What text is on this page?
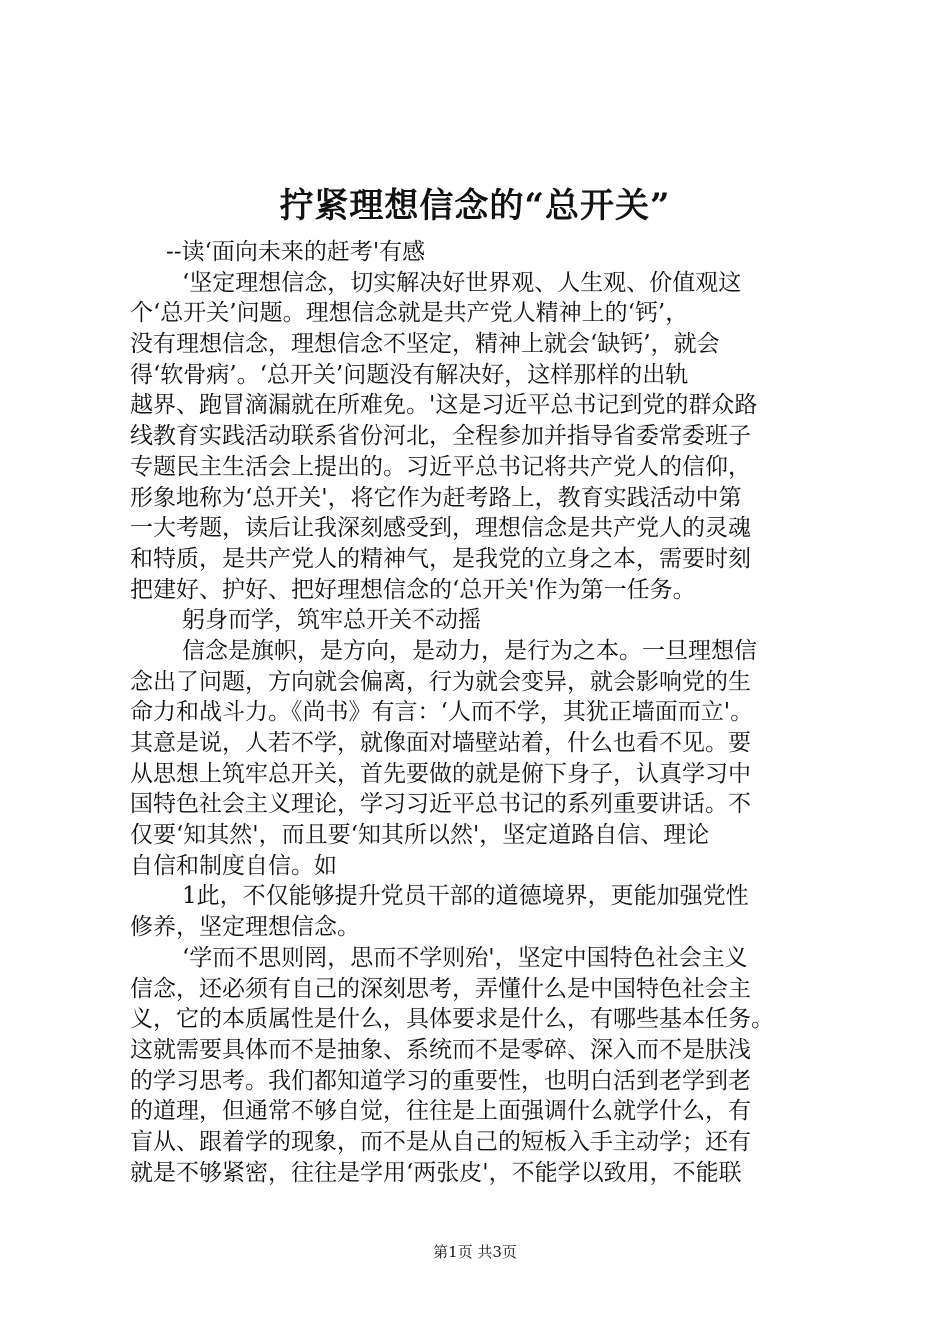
拧紧理想信念的“总开关”
--读‘面向未来的赶考'有感
‘坚定理想信念，切实解决好世界观、人生观、价值观这
个‘总开关’问题。理想信念就是共产党人精神上的‘钙’，
没有理想信念，理想信念不坚定，精神上就会‘缺钙’，就会
得‘软骨病’。‘总开关’问题没有解决好，这样那样的出轨
越界、跑冒滴漏就在所难免。'这是习近平总书记到党的群众路
线教育实践活动联系省份河北，全程参加并指导省委常委班子
专题民主生活会上提出的。习近平总书记将共产党人的信仰，
形象地称为‘总开关'，将它作为赶考路上，教育实践活动中第
一大考题，读后让我深刻感受到，理想信念是共产党人的灵魂
和特质，是共产党人的精神气，是我党的立身之本，需要时刻
把建好、护好、把好理想信念的‘总开关'作为第一任务。
躬身而学，筑牢总开关不动摇
信念是旗帜，是方向，是动力，是行为之本。一旦理想信
念出了问题，方向就会偏离，行为就会变异，就会影响党的生
命力和战斗力。《尚书》有言：‘人而不学，其犹正墙面而立'。
其意是说，人若不学，就像面对墙壁站着，什么也看不见。要
从思想上筑牢总开关，首先要做的就是俯下身子，认真学习中
国特色社会主义理论，学习习近平总书记的系列重要讲话。不
仅要‘知其然'，而且要‘知其所以然'，坚定道路自信、理论
自信和制度自信。如
1此，不仅能够提升党员干部的道德境界，更能加强党性
修养，坚定理想信念。
‘学而不思则罔，思而不学则殆'，坚定中国特色社会主义
信念，还必须有自己的深刻思考，弄懂什么是中国特色社会主
义，它的本质属性是什么，具体要求是什么，有哪些基本任务。
这就需要具体而不是抽象、系统而不是零碎、深入而不是肤浅
的学习思考。我们都知道学习的重要性，也明白活到老学到老
的道理，但通常不够自觉，往往是上面强调什么就学什么，有
盲从、跟着学的现象，而不是从自己的短板入手主动学；还有
就是不够紧密，往往是学用‘两张皮'，不能学以致用，不能联
第1页 共3页
